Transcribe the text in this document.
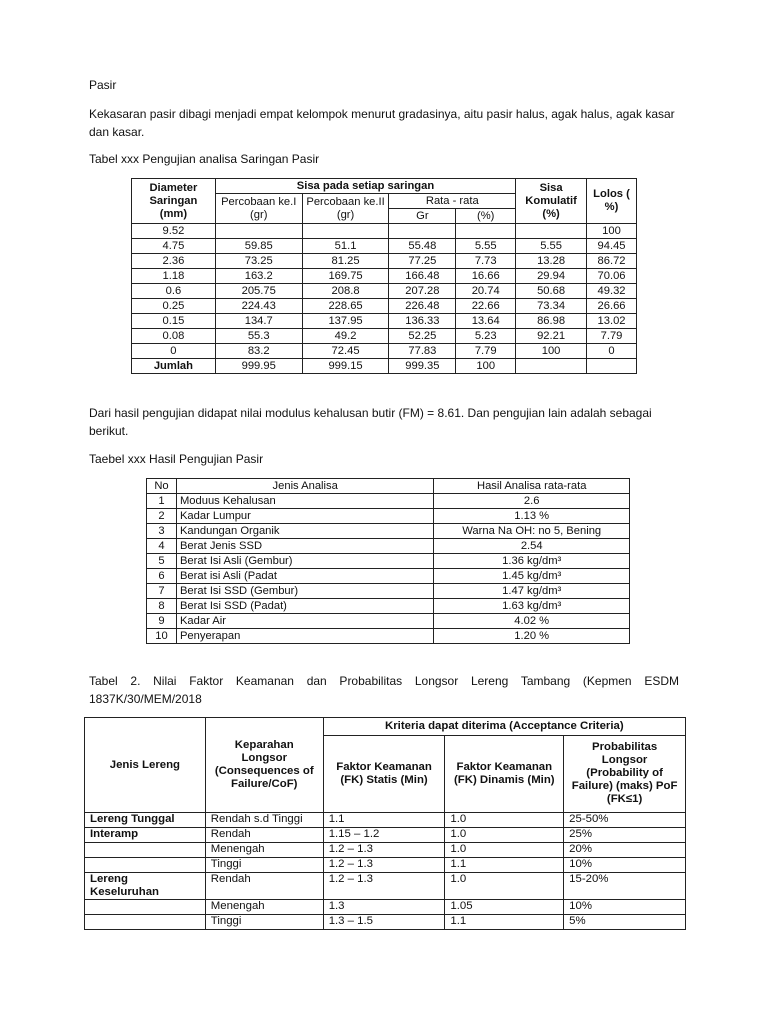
Pasir

Kekasaran pasir dibagi menjadi empat kelompok menurut gradasinya, aitu pasir halus, agak halus, agak kasar dan kasar.

Tabel xxx Pengujian analisa Saringan Pasir

Diameter Saringan (mm)	Sisa pada setiap saringan				Sisa Komulatif (%)	Lolos ( %)
	Percobaan ke.I (gr)	Percobaan ke.II (gr)	Rata - rata			
			Gr	(%)		
9.52						100
4.75	59.85	51.1	55.48	5.55	5.55	94.45
2.36	73.25	81.25	77.25	7.73	13.28	86.72
1.18	163.2	169.75	166.48	16.66	29.94	70.06
0.6	205.75	208.8	207.28	20.74	50.68	49.32
0.25	224.43	228.65	226.48	22.66	73.34	26.66
0.15	134.7	137.95	136.33	13.64	86.98	13.02
0.08	55.3	49.2	52.25	5.23	92.21	7.79
0	83.2	72.45	77.83	7.79	100	0
Jumlah	999.95	999.15	999.35	100		

Dari hasil pengujian didapat nilai modulus kehalusan butir (FM) = 8.61. Dan pengujian lain adalah sebagai berikut.

Taebel xxx Hasil Pengujian Pasir

No	Jenis Analisa	Hasil Analisa rata-rata
1	Moduus Kehalusan	2.6
2	Kadar Lumpur	1.13 %
3	Kandungan Organik	Warna Na OH: no 5, Bening
4	Berat Jenis SSD	2.54
5	Berat Isi Asli (Gembur)	1.36 kg/dm³
6	Berat isi Asli (Padat	1.45 kg/dm³
7	Berat Isi SSD (Gembur)	1.47 kg/dm³
8	Berat Isi SSD (Padat)	1.63 kg/dm³
9	Kadar Air	4.02 %
10	Penyerapan	1.20 %

Tabel 2. Nilai Faktor Keamanan dan Probabilitas Longsor Lereng Tambang (Kepmen ESDM 1837K/30/MEM/2018

Jenis Lereng	Keparahan Longsor (Consequences of Failure/CoF)	Kriteria dapat diterima (Acceptance Criteria)		
		Faktor Keamanan (FK) Statis (Min)	Faktor Keamanan (FK) Dinamis (Min)	Probabilitas Longsor (Probability of Failure) (maks) PoF (FK≤1)
Lereng Tunggal	Rendah s.d Tinggi	1.1	1.0	25-50%
Interamp	Rendah	1.15 – 1.2	1.0	25%
	Menengah	1.2 – 1.3	1.0	20%
	Tinggi	1.2 – 1.3	1.1	10%
Lereng Keseluruhan	Rendah	1.2 – 1.3	1.0	15-20%
	Menengah	1.3	1.05	10%
	Tinggi	1.3 – 1.5	1.1	5%
